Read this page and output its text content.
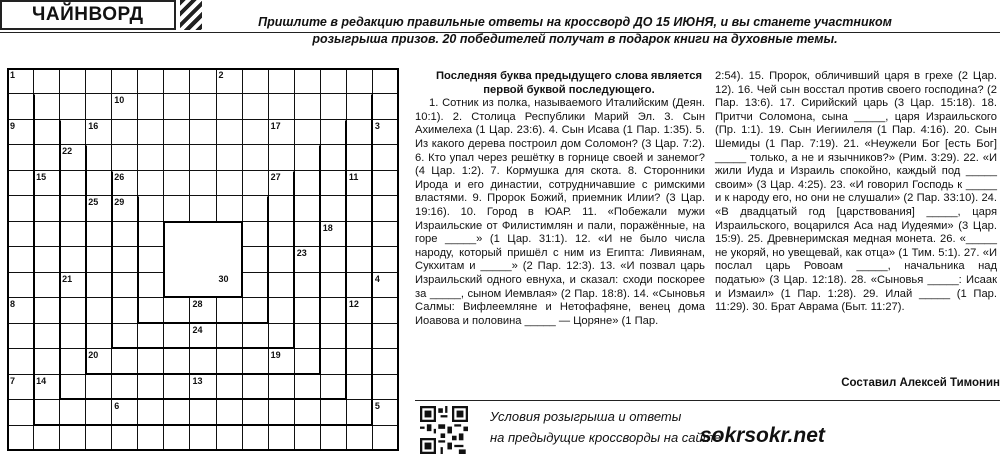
ЧАЙНВОРД	Пришлите в редакцию правильные ответы на кроссворд ДО 15 ИЮНЯ, и вы станете участником розыгрыша призов. 20 победителей получат в подарок книги на духовные темы.
1	2
10
9	16	17	3
22
15	26	27	11
25 29
18
23
21	30	4
8	28	12
24
20	19
7 14	13
6	5
Последняя буква предыдущего слова является первой буквой последующего.
1. Сотник из полка, называемого Италийским (Деян. 10:1). 2. Столица Республики Марий Эл. 3. Сын Ахимелеха (1 Цар. 23:6). 4. Сын Исава (1 Пар. 1:35). 5. Из какого дерева построил дом Соломон? (3 Цар. 7:2). 6. Кто упал через решётку в горнице своей и занемог? (4 Цар. 1:2). 7. Кормушка для скота. 8. Сторонники Ирода и его династии, сотрудничавшие с римскими властями. 9. Пророк Божий, приемник Илии? (3 Цар. 19:16). 10. Город в ЮАР. 11. «Побежали мужи Израильские от Филистимлян и пали, поражённые, на горе _____» (1 Цар. 31:1). 12. «И не было числа народу, который пришёл с ним из Египта: Ливиянам, Сукхитам и _____» (2 Пар. 12:3). 13. «И позвал царь Израильский одного евнуха, и сказал: сходи поскорее за _____, сыном Иемвлая» (2 Пар. 18:8). 14. «Сыновья Салмы: Вифлеемляне и Нетофафяне, венец дома Иоавова и половина _____ — Цоряне» (1 Пар.
2:54). 15. Пророк, обличивший царя в грехе (2 Цар. 12). 16. Чей сын восстал против своего господина? (2 Пар. 13:6). 17. Сирийский царь (3 Цар. 15:18). 18. Притчи Соломона, сына _____, царя Израильского (Пр. 1:1). 19. Сын Иегиилеля (1 Пар. 4:16). 20. Сын Шемиды (1 Пар. 7:19). 21. «Неужели Бог [есть Бог] _____ только, а не и язычников?» (Рим. 3:29). 22. «И жили Иуда и Израиль спокойно, каждый под _____ своим» (3 Цар. 4:25). 23. «И говорил Господь к _____ и к народу его, но они не слушали» (2 Пар. 33:10). 24. «В двадцатый год [царствования] _____, царя Израильского, воцарился Аса над Иудеями» (3 Цар. 15:9). 25. Древнеримская медная монета. 26. «_____ не укоряй, но увещевай, как отца» (1 Тим. 5:1). 27. «И послал царь Ровоам _____, начальника над податью» (3 Цар. 12:18). 28. «Сыновья _____: Исаак и Измаил» (1 Пар. 1:28). 29. Илай _____ (1 Пар. 11:29). 30. Брат Аврама (Быт. 11:27).
Составил Алексей Тимонин
Условия розыгрыша и ответы
на предыдущие кроссворды на сайте
sokrsokr.net
